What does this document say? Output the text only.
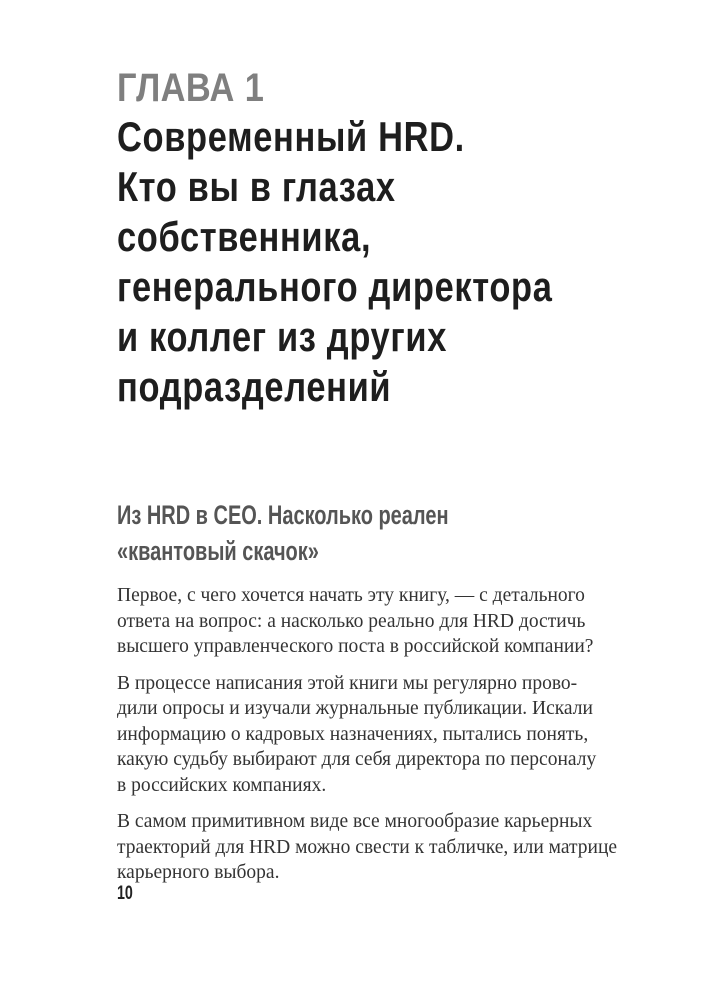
ГЛАВА 1
Современный HRD.
Кто вы в глазах
собственника,
генерального директора
и коллег из других
подразделений
Из HRD в CEO. Насколько реален
«квантовый скачок»

Первое, с чего хочется начать эту книгу, — с детального
ответа на вопрос: а насколько реально для HRD достичь
высшего управленческого поста в российской компании?

В процессе написания этой книги мы регулярно прово-
дили опросы и изучали журнальные публикации. Искали
информацию о кадровых назначениях, пытались понять,
какую судьбу выбирают для себя директора по персоналу
в российских компаниях.

В самом примитивном виде все многообразие карьерных
траекторий для HRD можно свести к табличке, или матрице
карьерного выбора.

10
